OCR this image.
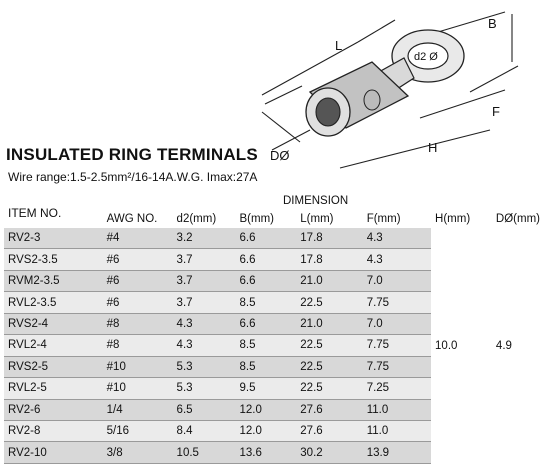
L
B
F
H
DØ
d2 Ø
INSULATED RING TERMINALS
Wire range:1.5-2.5mm²/16-14A.W.G. Imax:27A
DIMENSION
ITEM NO.
		AWG NO.	d2(mm)	B(mm)	L(mm)	F(mm)	H(mm)	DØ(mm)
RV2-3	#4	3.2	6.6	17.8	4.3	10.0	4.9
RVS2-3.5	#6	3.7	6.6	17.8	4.3		
RVM2-3.5	#6	3.7	6.6	21.0	7.0		
RVL2-3.5	#6	3.7	8.5	22.5	7.75		
RVS2-4	#8	4.3	6.6	21.0	7.0		
RVL2-4	#8	4.3	8.5	22.5	7.75		
RVS2-5	#10	5.3	8.5	22.5	7.75		
RVL2-5	#10	5.3	9.5	22.5	7.25		
RV2-6	1/4	6.5	12.0	27.6	11.0		
RV2-8	5/16	8.4	12.0	27.6	11.0		
RV2-10	3/8	10.5	13.6	30.2	13.9		
